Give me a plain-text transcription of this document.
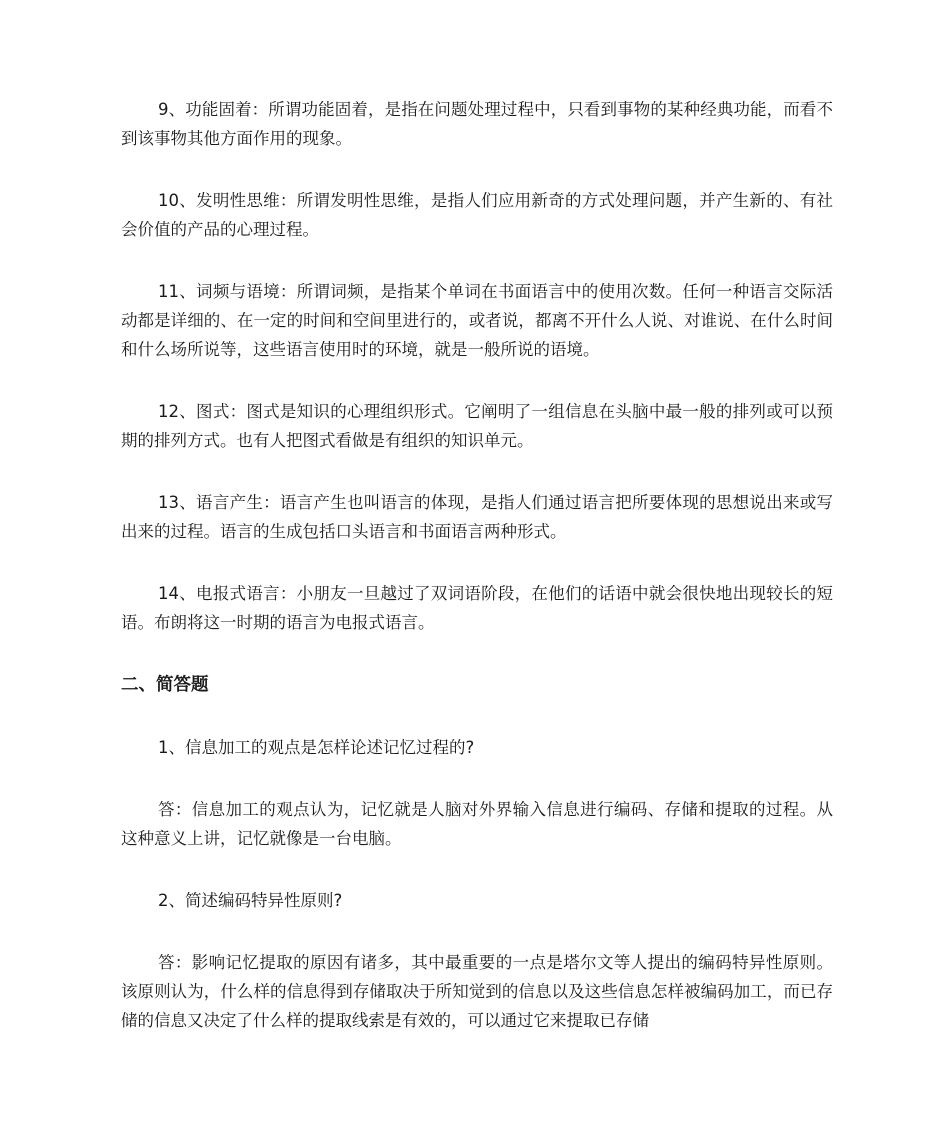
9、功能固着：所谓功能固着，是指在问题处理过程中，只看到事物的某种经典功能，而看不到该事物其他方面作用的现象。

10、发明性思维：所谓发明性思维，是指人们应用新奇的方式处理问题，并产生新的、有社会价值的产品的心理过程。

11、词频与语境：所谓词频，是指某个单词在书面语言中的使用次数。任何一种语言交际活动都是详细的、在一定的时间和空间里进行的，或者说，都离不开什么人说、对谁说、在什么时间和什么场所说等，这些语言使用时的环境，就是一般所说的语境。

12、图式：图式是知识的心理组织形式。它阐明了一组信息在头脑中最一般的排列或可以预期的排列方式。也有人把图式看做是有组织的知识单元。

13、语言产生：语言产生也叫语言的体现，是指人们通过语言把所要体现的思想说出来或写出来的过程。语言的生成包括口头语言和书面语言两种形式。

14、电报式语言：小朋友一旦越过了双词语阶段，在他们的话语中就会很快地出现较长的短语。布朗将这一时期的语言为电报式语言。

二、简答题

1、信息加工的观点是怎样论述记忆过程的?

答：信息加工的观点认为，记忆就是人脑对外界输入信息进行编码、存储和提取的过程。从这种意义上讲，记忆就像是一台电脑。

2、简述编码特异性原则?

答：影响记忆提取的原因有诸多，其中最重要的一点是塔尔文等人提出的编码特异性原则。该原则认为，什么样的信息得到存储取决于所知觉到的信息以及这些信息怎样被编码加工，而已存储的信息又决定了什么样的提取线索是有效的，可以通过它来提取已存储
